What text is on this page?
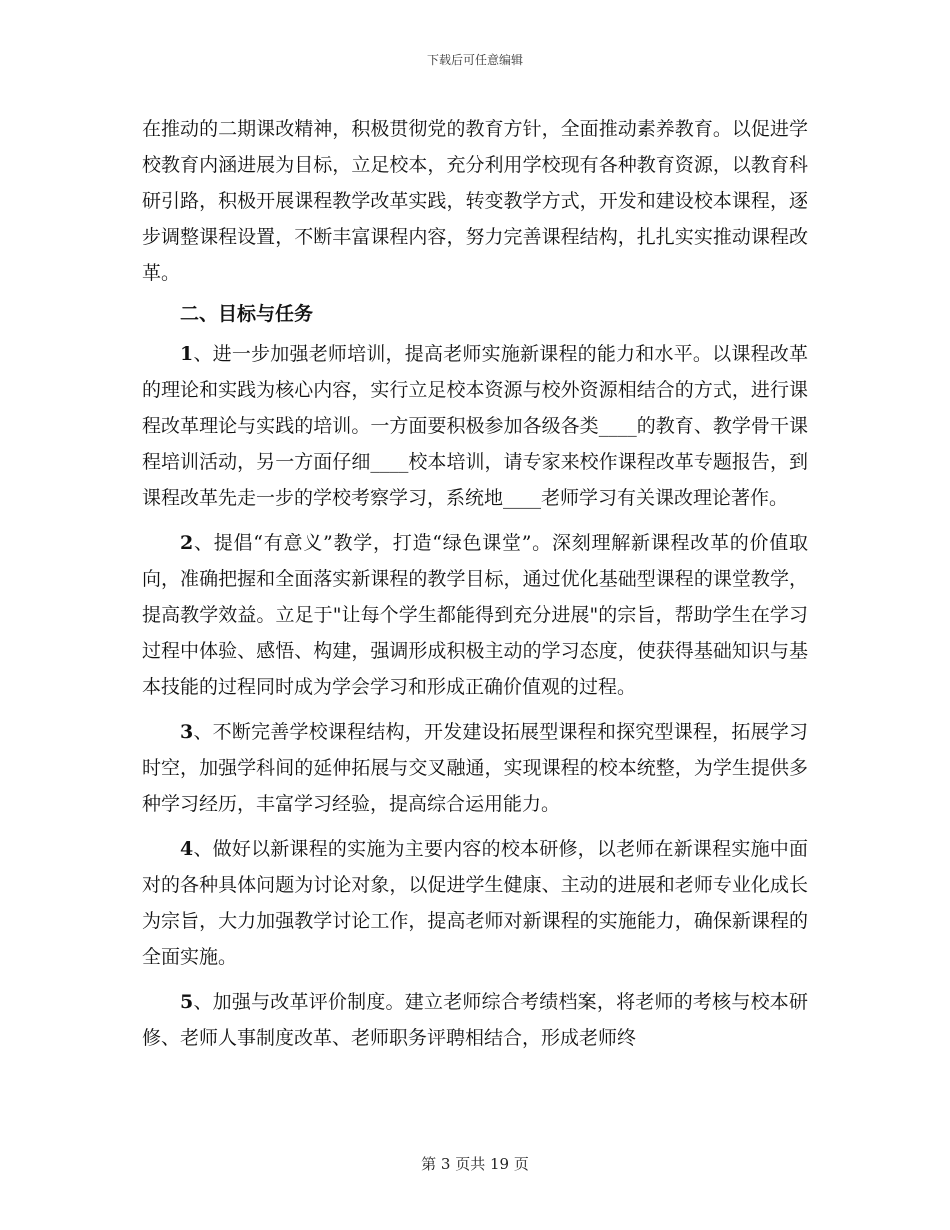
下载后可任意编辑

在推动的二期课改精神，积极贯彻党的教育方针，全面推动素养教育。以促进学校教育内涵进展为目标，立足校本，充分利用学校现有各种教育资源，以教育科研引路，积极开展课程教学改革实践，转变教学方式，开发和建设校本课程，逐步调整课程设置，不断丰富课程内容，努力完善课程结构，扎扎实实推动课程改革。

二、目标与任务

1、进一步加强老师培训，提高老师实施新课程的能力和水平。以课程改革的理论和实践为核心内容，实行立足校本资源与校外资源相结合的方式，进行课程改革理论与实践的培训。一方面要积极参加各级各类____的教育、教学骨干课程培训活动，另一方面仔细____校本培训，请专家来校作课程改革专题报告，到课程改革先走一步的学校考察学习，系统地____老师学习有关课改理论著作。

2、提倡“有意义”教学，打造“绿色课堂”。深刻理解新课程改革的价值取向，准确把握和全面落实新课程的教学目标，通过优化基础型课程的课堂教学，提高教学效益。立足于"让每个学生都能得到充分进展"的宗旨，帮助学生在学习过程中体验、感悟、构建，强调形成积极主动的学习态度，使获得基础知识与基本技能的过程同时成为学会学习和形成正确价值观的过程。

3、不断完善学校课程结构，开发建设拓展型课程和探究型课程，拓展学习时空，加强学科间的延伸拓展与交叉融通，实现课程的校本统整，为学生提供多种学习经历，丰富学习经验，提高综合运用能力。

4、做好以新课程的实施为主要内容的校本研修，以老师在新课程实施中面对的各种具体问题为讨论对象，以促进学生健康、主动的进展和老师专业化成长为宗旨，大力加强教学讨论工作，提高老师对新课程的实施能力，确保新课程的全面实施。

5、加强与改革评价制度。建立老师综合考绩档案，将老师的考核与校本研修、老师人事制度改革、老师职务评聘相结合，形成老师终

第 3 页共 19 页
